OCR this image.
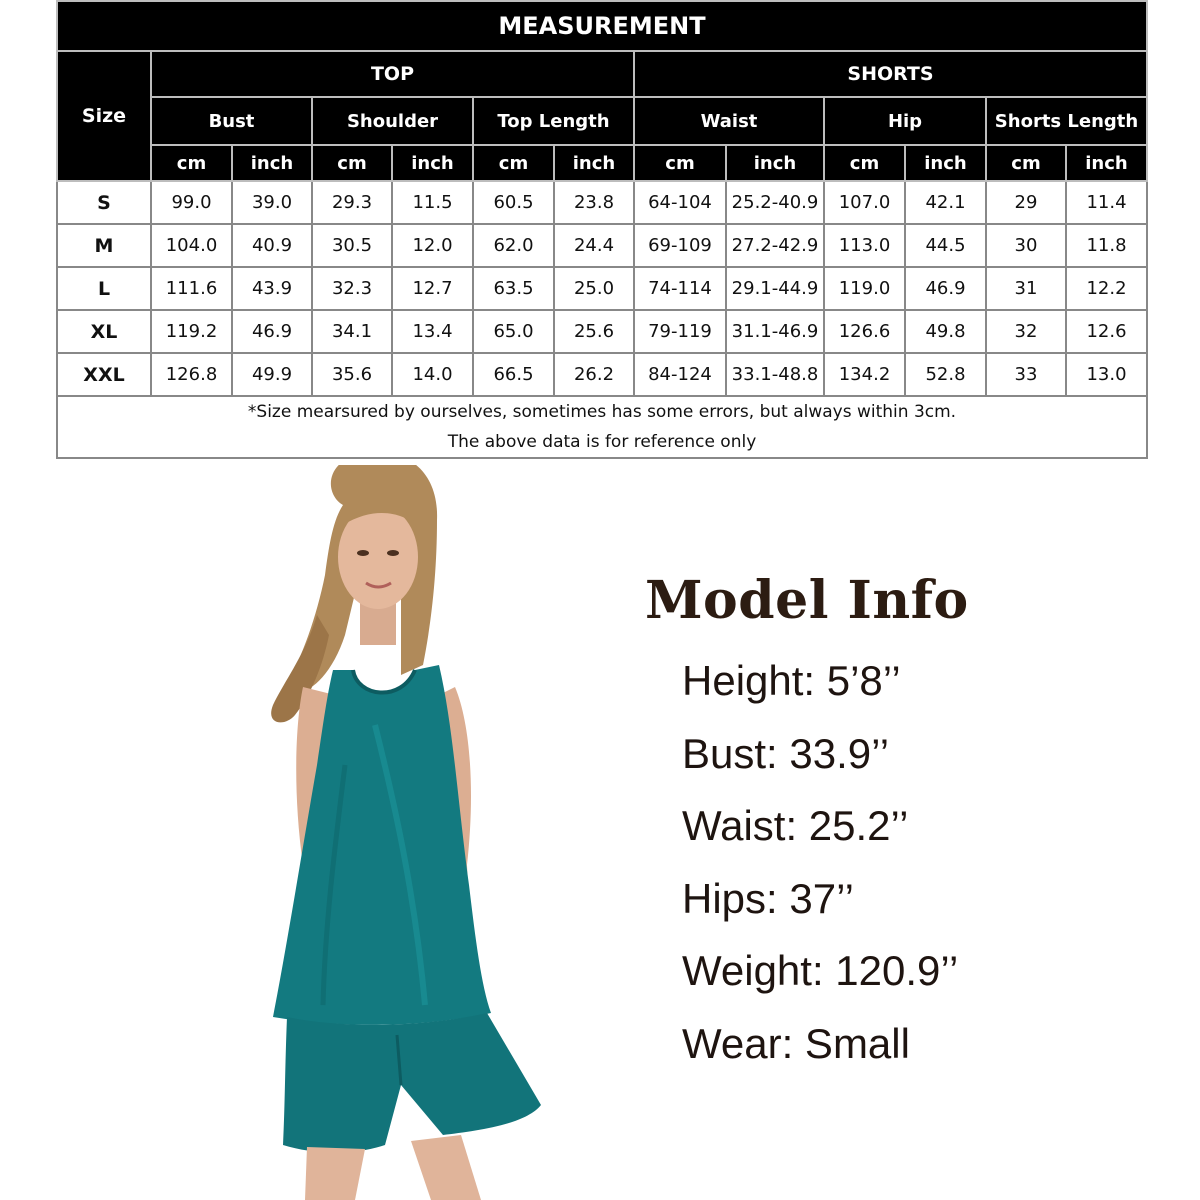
MEASUREMENT												
Size	TOP						SHORTS					
	Bust		Shoulder		Top Length		Waist		Hip		Shorts Length	
	cm	inch	cm	inch	cm	inch	cm	inch	cm	inch	cm	inch
S	99.0	39.0	29.3	11.5	60.5	23.8	64-104	25.2-40.9	107.0	42.1	29	11.4
M	104.0	40.9	30.5	12.0	62.0	24.4	69-109	27.2-42.9	113.0	44.5	30	11.8
L	111.6	43.9	32.3	12.7	63.5	25.0	74-114	29.1-44.9	119.0	46.9	31	12.2
XL	119.2	46.9	34.1	13.4	65.0	25.6	79-119	31.1-46.9	126.6	49.8	32	12.6
XXL	126.8	49.9	35.6	14.0	66.5	26.2	84-124	33.1-48.8	134.2	52.8	33	13.0

*Size mearsured by ourselves, sometimes has some errors, but always within 3cm.
The above data is for reference only												
Model Info
Height: 5’8’’
Bust: 33.9’’
Waist: 25.2’’
Hips: 37’’
Weight: 120.9’’
Wear: Small
